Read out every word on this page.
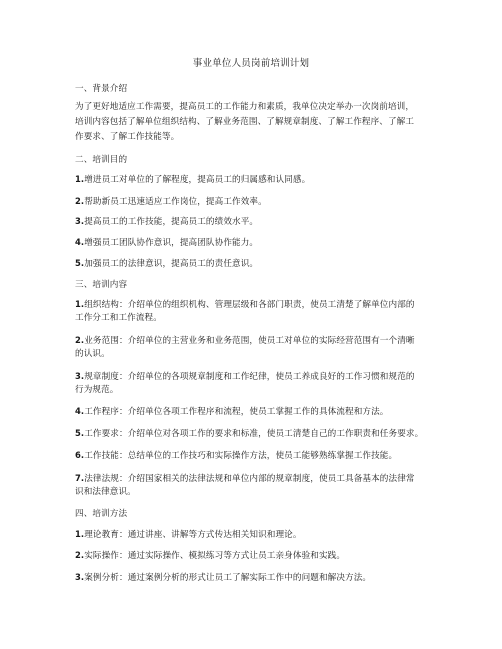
事业单位人员岗前培训计划
一、背景介绍
为了更好地适应工作需要，提高员工的工作能力和素质，我单位决定举办一次岗前培训，
培训内容包括了解单位组织结构、了解业务范围、了解规章制度、了解工作程序、了解工
作要求、了解工作技能等。
二、培训目的
1.增进员工对单位的了解程度，提高员工的归属感和认同感。
2.帮助新员工迅速适应工作岗位，提高工作效率。
3.提高员工的工作技能，提高员工的绩效水平。
4.增强员工团队协作意识，提高团队协作能力。
5.加强员工的法律意识，提高员工的责任意识。
三、培训内容
1.组织结构：介绍单位的组织机构、管理层级和各部门职责，使员工清楚了解单位内部的
工作分工和工作流程。
2.业务范围：介绍单位的主营业务和业务范围，使员工对单位的实际经营范围有一个清晰
的认识。
3.规章制度：介绍单位的各项规章制度和工作纪律，使员工养成良好的工作习惯和规范的
行为规范。
4.工作程序：介绍单位各项工作程序和流程，使员工掌握工作的具体流程和方法。
5.工作要求：介绍单位对各项工作的要求和标准，使员工清楚自己的工作职责和任务要求。
6.工作技能：总结单位的工作技巧和实际操作方法，使员工能够熟练掌握工作技能。
7.法律法规：介绍国家相关的法律法规和单位内部的规章制度，使员工具备基本的法律常
识和法律意识。
四、培训方法
1.理论教育：通过讲座、讲解等方式传达相关知识和理论。
2.实际操作：通过实际操作、模拟练习等方式让员工亲身体验和实践。
3.案例分析：通过案例分析的形式让员工了解实际工作中的问题和解决方法。
